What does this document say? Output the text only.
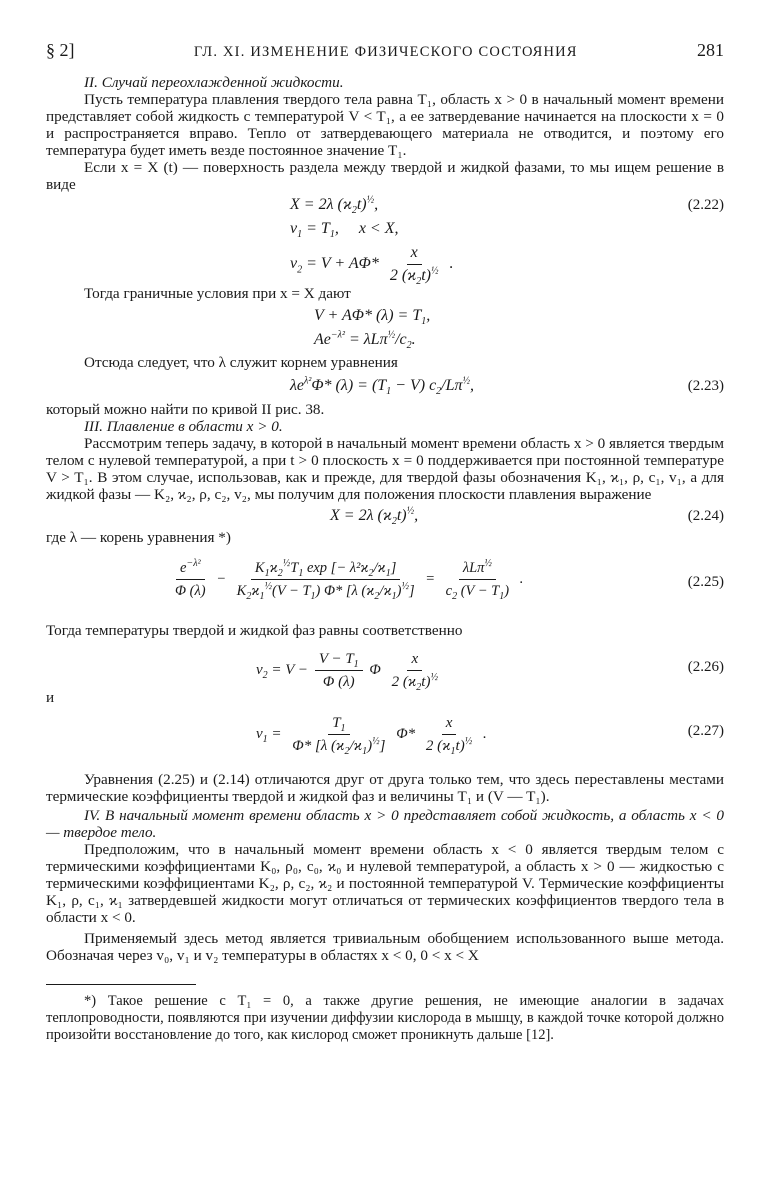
§ 2]	ГЛ. XI. ИЗМЕНЕНИЕ ФИЗИЧЕСКОГО СОСТОЯНИЯ	281

II. Случай переохлажденной жидкости.

Пусть температура плавления твердого тела равна T₁, область x > 0 в начальный момент времени представляет собой жидкость с температурой V < T₁, а ее затвердевание начинается на плоскости x = 0 и распространяется вправо. Тепло от затвердевающего материала не отводится, и поэтому его температура будет иметь везде постоянное значение T₁.

Если x = X (t) — поверхность раздела между твердой и жидкой фазами, то мы ищем решение в виде

X = 2λ $(ϰ_2t)^{\frac{1}{2}}$,
$v_1 = T_1$,     x < X,
$v_2 = V + A\Phi* \frac{x}{2 (ϰ_2t)^{\frac{1}{2}}}$ .
(2.22)

Тогда граничные условия при x = X дают

V + AΦ* $(\lambda) = T_1$,
$Ae^{-\lambda^2} = \lambda L\pi^{\frac{1}{2}}/c_2$.

Отсюда следует, что λ служит корнем уравнения

$\lambda e^{\lambda^2}\Phi*$ $(\lambda) = (T_1 - V)$ $c_2/L\pi^{\frac{1}{2}}$,	(2.23)

который можно найти по кривой II рис. 38.

III. Плавление в области x > 0.

Рассмотрим теперь задачу, в которой в начальный момент времени область x > 0 является твердым телом с нулевой температурой, а при t > 0 плоскость x = 0 поддерживается при постоянной температуре V > T₁. В этом случае, использовав, как и прежде, для твердой фазы обозначения K₁, ϰ₁, ρ, c₁, v₁, а для жидкой фазы — K₂, ϰ₂, ρ, c₂, v₂, мы получим для положения плоскости плавления выражение

X = 2λ $(ϰ_2t)^{\frac{1}{2}}$,	(2.24)

где λ — корень уравнения *)

$\frac{e^{-\lambda^2}}{\Phi (\lambda)} - \frac{K_1ϰ_2^{\frac{1}{2}}T_1 \exp [- \lambda^2ϰ_2/ϰ_1]}{K_2ϰ_1^{\frac{1}{2}}(V - T_1) \Phi* [\lambda (ϰ_2/ϰ_1)^{\frac{1}{2}}]} = \frac{\lambda L\pi^{\frac{1}{2}}}{c_2 (V - T_1)}$ .	(2.25)

Тогда температуры твердой и жидкой фаз равны соответственно

$v_2 = V - \frac{V - T_1}{\Phi (\lambda)}$ Φ $\frac{x}{2 (ϰ_2t)^{\frac{1}{2}}}$	(2.26)
и
$v_1 = \frac{T_1}{\Phi* [\lambda (ϰ_2/ϰ_1)^{\frac{1}{2}}]} \Phi* \frac{x}{2 (ϰ_1t)^{\frac{1}{2}}}$ .	(2.27)

Уравнения (2.25) и (2.14) отличаются друг от друга только тем, что здесь переставлены местами термические коэффициенты твердой и жидкой фаз и величины T₁ и (V — T₁).

IV. В начальный момент времени область x > 0 представляет собой жидкость, а область x < 0 — твердое тело.

Предположим, что в начальный момент времени область x < 0 является твердым телом с термическими коэффициентами K₀, ρ₀, c₀, ϰ₀ и нулевой температурой, а область x > 0 — жидкостью с термическими коэффициентами K₂, ρ, c₂, ϰ₂ и постоянной температурой V. Термические коэффициенты K₁, ρ, c₁, ϰ₁ затвердевшей жидкости могут отличаться от термических коэффициентов твердого тела в области x < 0.

Применяемый здесь метод является тривиальным обобщением использованного выше метода. Обозначая через v₀, v₁ и v₂ температуры в областях x < 0, 0 < x < X

*) Такое решение с T₁ = 0, а также другие решения, не имеющие аналогии в задачах теплопроводности, появляются при изучении диффузии кислорода в мышцу, в каждой точке которой должно произойти восстановление до того, как кислород сможет проникнуть дальше [12].
